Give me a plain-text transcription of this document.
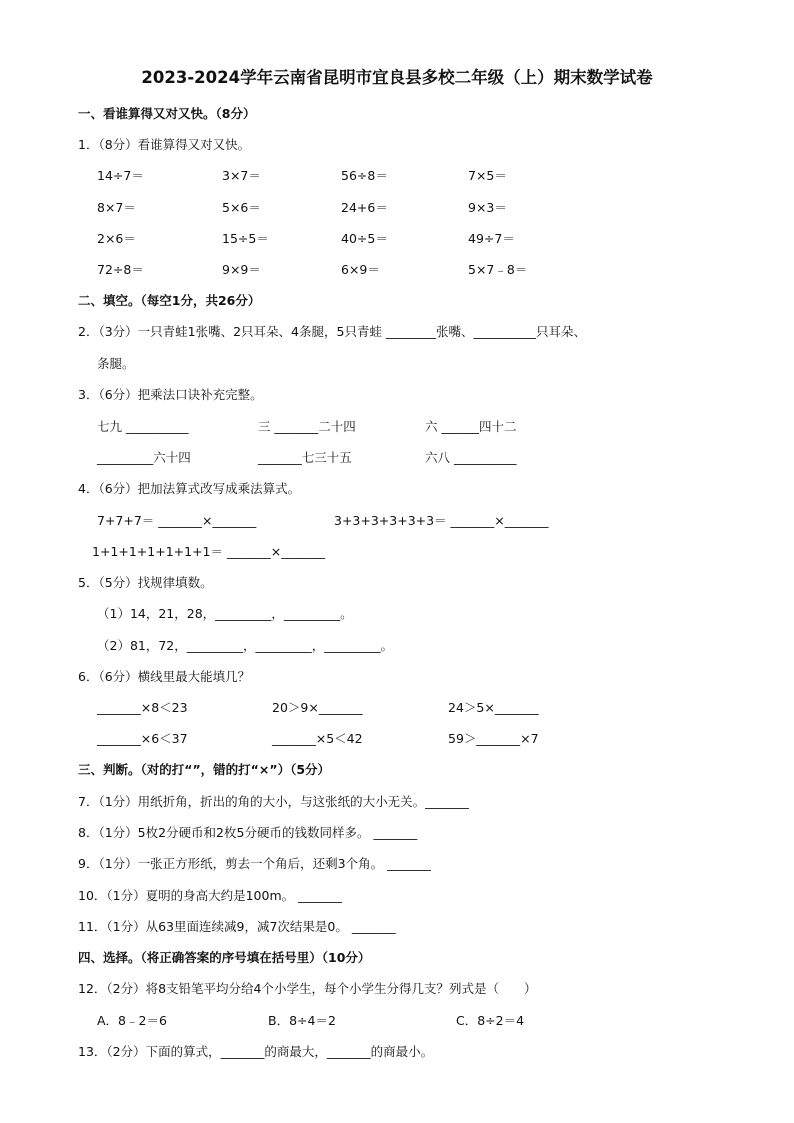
2023-2024学年云南省昆明市宜良县多校二年级（上）期末数学试卷
一、看谁算得又对又快。（8分）
1．（8分）看谁算得又对又快。
14÷7＝	3×7＝	56÷8＝	7×5＝
8×7＝	5×6＝	24+6＝	9×3＝
2×6＝	15÷5＝	40÷5＝	49÷7＝
72÷8＝	9×9＝	6×9＝	5×7﹣8＝
二、填空。（每空1分，共26分）
2．（3分）一只青蛙1张嘴、2只耳朵、4条腿，5只青蛙 ________张嘴、__________只耳朵、
条腿。
3．（6分）把乘法口诀补充完整。
七九 __________	三 _______二十四	六 ______四十二
_________六十四	_______七三十五	六八 __________
4．（6分）把加法算式改写成乘法算式。
7+7+7＝ _______×_______	3+3+3+3+3+3＝ _______×_______
1+1+1+1+1+1+1＝ _______×_______
5．（5分）找规律填数。
（1）14，21，28，_________，_________。
（2）81，72，_________，_________，_________。
6．（6分）横线里最大能填几？
_______×8＜23	20＞9×_______	24＞5×_______
_______×6＜37	_______×5＜42	59＞_______×7
三、判断。（对的打“”，错的打“×”）（5分）
7．（1分）用纸折角，折出的角的大小，与这张纸的大小无关。_______
8．（1分）5枚2分硬币和2枚5分硬币的钱数同样多。 _______
9．（1分）一张正方形纸，剪去一个角后，还剩3个角。 _______
10．（1分）夏明的身高大约是100m。 _______
11．（1分）从63里面连续减9，减7次结果是0。 _______
四、选择。（将正确答案的序号填在括号里）（10分）
12．（2分）将8支铅笔平均分给4个小学生，每个小学生分得几支？列式是（　　）
A．8﹣2＝6	B．8÷4＝2	C．8÷2＝4
13．（2分）下面的算式，_______的商最大，_______的商最小。
